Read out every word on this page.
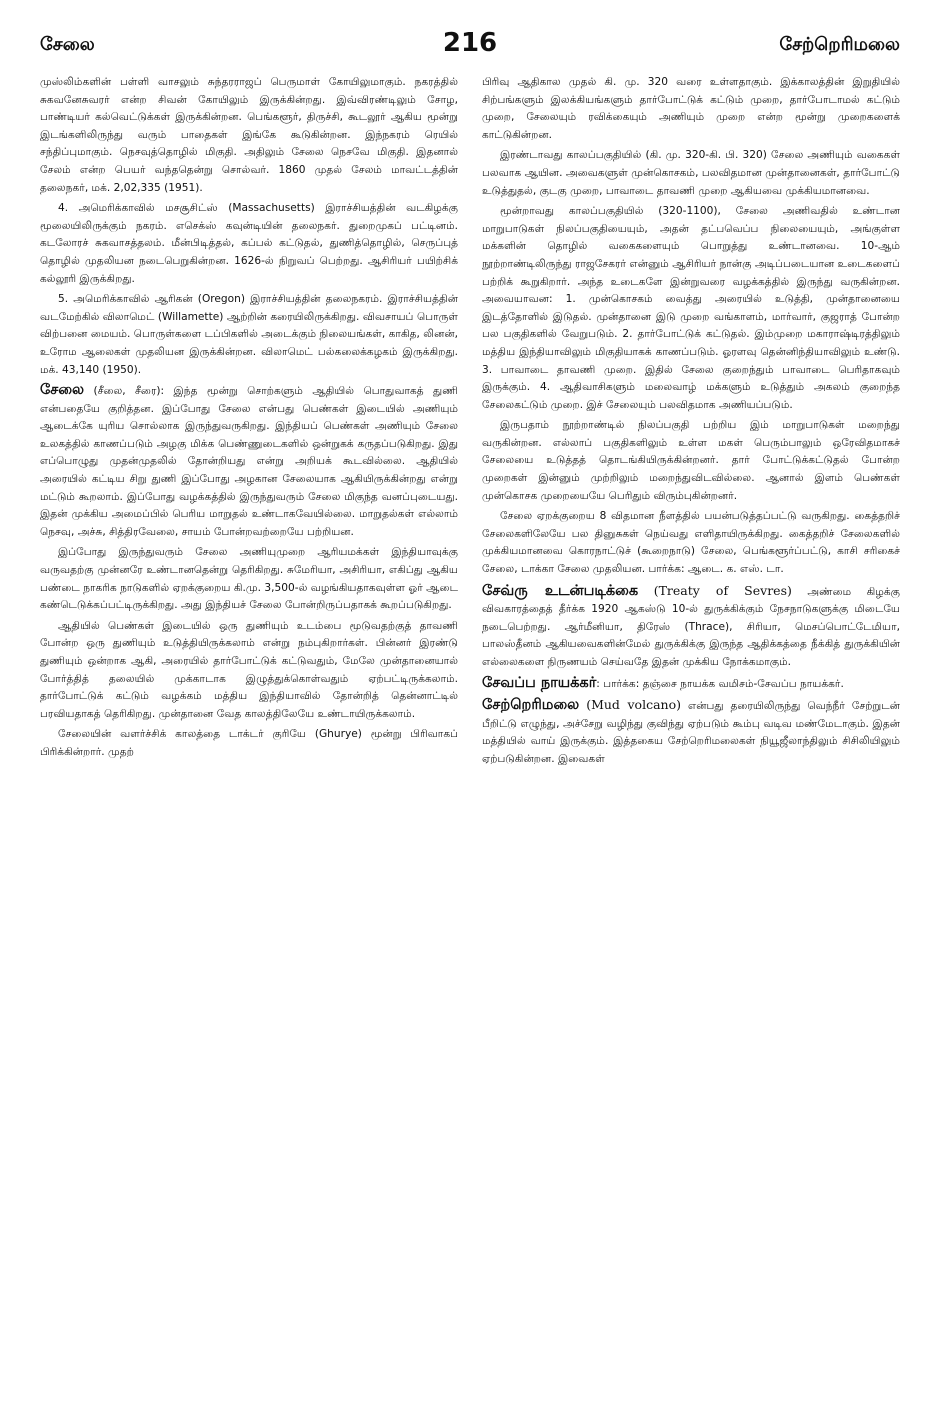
சேலை	216	சேற்றெரிமலை

முஸ்லிம்களின் பள்ளி வாசலும் சுந்தரராஜப் பெருமாள் கோயிலுமாகும். நகரத்தில் சுகவனேசுவரர் என்ற சிவன் கோயிலும் இருக்கின்றது. இவ்விரண்டிலும் சோழ, பாண்டியர் கல்வெட்டுக்கள் இருக்கின்றன. பெங்களூர், திருச்சி, கூடலூர் ஆகிய மூன்று இடங்களிலிருந்து வரும் பாதைகள் இங்கே கூடுகின்றன. இந்நகரம் ரெயில் சந்திப்புமாகும். நெசவுத்தொழில் மிகுதி. அதிலும் சேலை நெசவே மிகுதி. இதனால் சேலம் என்ற பெயர் வந்ததென்று சொல்வர். 1860 முதல் சேலம் மாவட்டத்தின் தலைநகர், மக். 2,02,335 (1951).

4. அமெரிக்காவில் மசசூசிட்ஸ் (Massachusetts) இராச்சியத்தின் வடகிழக்கு மூலையிலிருக்கும் நகரம். எசெக்ஸ் கவுன்டியின் தலைநகர். துறைமுகப் பட்டினம். கடலோரச் சுகவாசத்தலம். மீன்பிடித்தல், கப்பல் கட்டுதல், துணித்தொழில், செருப்புத் தொழில் முதலியன நடைபெறுகின்றன. 1626-ல் நிறுவப் பெற்றது. ஆசிரியர் பயிற்சிக் கல்லூரி இருக்கிறது.

5. அமெரிக்காவில் ஆரிகன் (Oregon) இராச்சியத்தின் தலைநகரம். இராச்சியத்தின் வடமேற்கில் விலாமெட் (Willamette) ஆற்றின் கரையிலிருக்கிறது. விவசாயப் பொருள் விற்பனை மையம். பொருள்களை டப்பிகளில் அடைக்கும் நிலையங்கள், காகித, லினன், உரோம ஆலைகள் முதலியன இருக்கின்றன. விலாமெட் பல்கலைக்கழகம் இருக்கிறது. மக். 43,140 (1950).

சேலை (சீலை, சீரை): இந்த மூன்று சொற்களும் ஆதியில் பொதுவாகத் துணி என்பதையே குறித்தன. இப்போது சேலை என்பது பெண்கள் இடையில் அணியும் ஆடைக்கே யுரிய சொல்லாக இருந்துவருகிறது. இந்தியப் பெண்கள் அணியும் சேலை உலகத்தில் காணப்படும் அழகு மிக்க பெண்ணுடைகளில் ஒன்றுகக் கருதப்படுகிறது. இது எப்பொழுது முதன்முதலில் தோன்றியது என்று அறியக் கூடவில்லை. ஆதியில் அரையில் கட்டிய சிறு துணி இப்போது அழகான சேலையாக ஆகியிருக்கின்றது என்று மட்டும் கூறலாம். இப்போது வழக்கத்தில் இருந்துவரும் சேலை மிகுந்த வனப்புடையது. இதன் முக்கிய அமைப்பில் பெரிய மாறுதல் உண்டாகவேயில்லை. மாறுதல்கள் எல்லாம் நெசவு, அச்சு, சித்திரவேலை, சாயம் போன்றவற்றையே பற்றியன.

இப்போது இருந்துவரும் சேலை அணியுமுறை ஆரியமக்கள் இந்தியாவுக்கு வருவதற்கு முன்னரே உண்டானதென்று தெரிகிறது. சுமேரியா, அசிரியா, எகிப்து ஆகிய பண்டை நாகரிக நாடுகளில் ஏறக்குறைய கி.மு. 3,500-ல் வழங்கியதாகவுள்ள ஓர் ஆடை கண்டெடுக்கப்பட்டிருக்கிறது. அது இந்தியச் சேலை போன்றிருப்பதாகக் கூறப்படுகிறது.

ஆதியில் பெண்கள் இடையில் ஒரு துணியும் உடம்பை மூடுவதற்குத் தாவணி போன்ற ஒரு துணியும் உடுத்தியிருக்கலாம் என்று நம்புகிறார்கள். பின்னர் இரண்டு துணியும் ஒன்றாக ஆகி, அரையில் தார்போட்டுக் கட்டுவதும், மேலே முன்தானையால் போர்த்தித் தலையில் முக்காடாக இழுத்துக்கொள்வதும் ஏற்பட்டிருக்கலாம். தார்போட்டுக் கட்டும் வழக்கம் மத்திய இந்தியாவில் தோன்றித் தென்னாட்டில் பரவியதாகத் தெரிகிறது. முன்தானை வேத காலத்திலேயே உண்டாயிருக்கலாம்.

சேலையின் வளர்ச்சிக் காலத்தை டாக்டர் குரியே (Ghurye) மூன்று பிரிவாகப் பிரிக்கின்றார். முதற்

பிரிவு ஆதிகால முதல் கி. மு. 320 வரை உள்ளதாகும். இக்காலத்தின் இறுதியில் சிற்பங்களும் இலக்கியங்களும் தார்போட்டுக் கட்டும் முறை, தார்போடாமல் கட்டும் முறை, சேலையும் ரவிக்கையும் அணியும் முறை என்ற மூன்று முறைகளைக் காட்டுகின்றன.

இரண்டாவது காலப்பகுதியில் (கி. மு. 320-கி. பி. 320) சேலை அணியும் வகைகள் பலவாக ஆயின. அவைகளுள் முன்கொசகம், பலவிதமான முன்தானைகள், தார்போட்டு உடுத்துதல், குடகு முறை, பாவாடை தாவணி முறை ஆகியவை முக்கியமானவை.

மூன்றாவது காலப்பகுதியில் (320-1100), சேலை அணிவதில் உண்டான மாறுபாடுகள் நிலப்பகுதியையும், அதன் தட்பவெப்ப நிலையையும், அங்குள்ள மக்களின் தொழில் வகைகளையும் பொறுத்து உண்டானவை. 10-ஆம் நூற்றாண்டிலிருந்து ராஜசேகரர் என்னும் ஆசிரியர் நான்கு அடிப்படையான உடைகளைப் பற்றிக் கூறுகிறார். அந்த உடைகளே இன்றுவரை வழக்கத்தில் இருந்து வருகின்றன. அவையாவன: 1. முன்கொசகம் வைத்து அரையில் உடுத்தி, முன்தானையை இடத்தோளில் இடுதல். முன்தானை இடு முறை வங்காளம், மார்வார், குஜராத் போன்ற பல பகுதிகளில் வேறுபடும். 2. தார்போட்டுக் கட்டுதல். இம்முறை மகாராஷ்டிரத்திலும் மத்திய இந்தியாவிலும் மிகுதியாகக் காணப்படும். ஓரளவு தென்னிந்தியாவிலும் உண்டு. 3. பாவாடை தாவணி முறை. இதில் சேலை குறைந்தும் பாவாடை பெரிதாகவும் இருக்கும். 4. ஆதிவாசிகளும் மலைவாழ் மக்களும் உடுத்தும் அகலம் குறைந்த சேலைகட்டும் முறை. இச் சேலையும் பலவிதமாக அணியப்படும்.

இருபதாம் நூற்றாண்டில் நிலப்பகுதி பற்றிய இம் மாறுபாடுகள் மறைந்து வருகின்றன. எல்லாப் பகுதிகளிலும் உள்ள மகள் பெரும்பாலும் ஒரேவிதமாகச் சேலையை உடுத்தத் தொடங்கியிருக்கின்றனர். தார் போட்டுக்கட்டுதல் போன்ற முறைகள் இன்னும் முற்றிலும் மறைந்துவிடவில்லை. ஆனால் இளம் பெண்கள் முன்கொசக முறையையே பெரிதும் விரும்புகின்றனர்.

சேலை ஏறக்குறைய 8 விதமான நீளத்தில் பயன்படுத்தப்பட்டு வருகிறது. கைத்தறிச் சேலைகளிலேயே பல தினுசுகள் நெய்வது எளிதாயிருக்கிறது. கைத்தறிச் சேலைகளில் முக்கியமானவை கொரநாட்டுச் (கூறைநாடு) சேலை, பெங்களூர்ப்பட்டு, காசி சரிகைச் சேலை, டாக்கா சேலை முதலியன. பார்க்க: ஆடை. க. எஸ். டா.

சேவ்ரு உடன்படிக்கை (Treaty of Sevres) அண்மை கிழக்கு விவகாரத்தைத் தீர்க்க 1920 ஆகஸ்டு 10-ல் துருக்கிக்கும் நேசநாடுகளுக்கு மிடையே நடைபெற்றது. ஆர்மீனியா, திரேஸ் (Thrace), சிரியா, மெசப்பொட்டேமியா, பாலஸ்தீனம் ஆகியவைகளின்மேல் துருக்கிக்கு இருந்த ஆதிக்கத்தை நீக்கித் துருக்கியின் எல்லைகளை நிருணயம் செய்வதே இதன் முக்கிய நோக்கமாகும்.

சேவப்ப நாயக்கர்: பார்க்க: தஞ்சை நாயக்க வமிசம்-சேவப்ப நாயக்கர்.

சேற்றெரிமலை (Mud volcano) என்பது தரையிலிருந்து வெந்நீர் சேற்றுடன் பீறிட்டு எழுந்து, அச்சேறு வழிந்து குவிந்து ஏற்படும் கூம்பு வடிவ மண்மேடாகும். இதன் மத்தியில் வாய் இருக்கும். இத்தகைய சேற்றெரிமலைகள் நியூஜீலாந்திலும் சிசிலியிலும் ஏற்படுகின்றன. இவைகள்
